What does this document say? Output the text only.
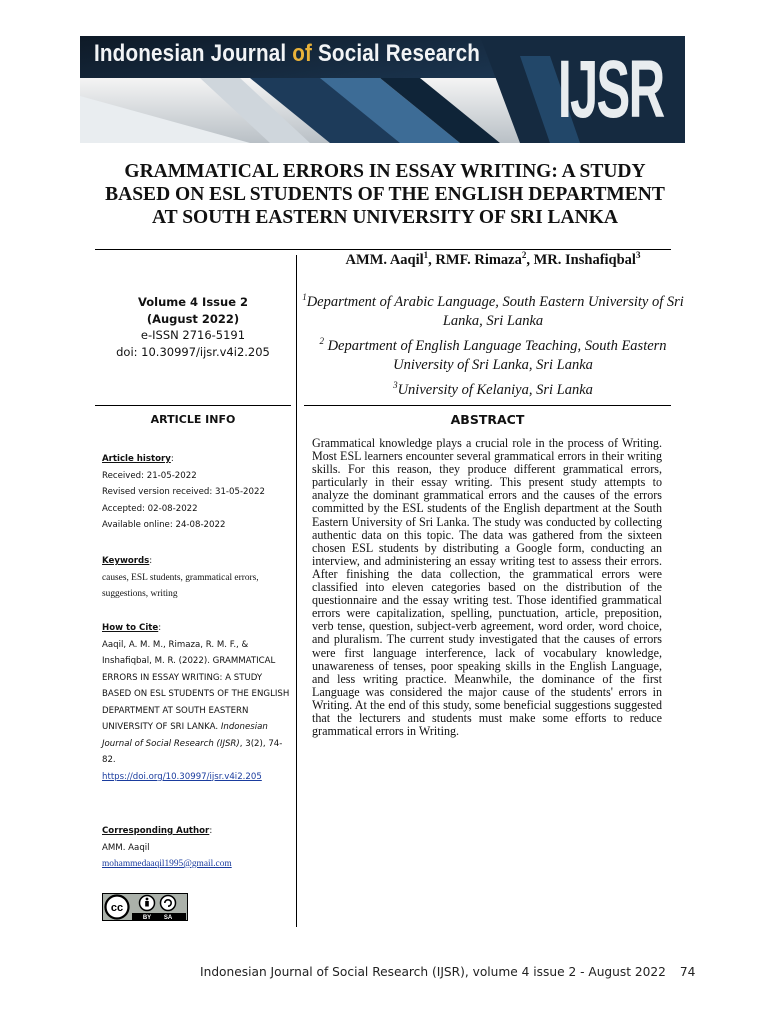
Indonesian Journal of Social Research IJSR
GRAMMATICAL ERRORS IN ESSAY WRITING: A STUDY BASED ON ESL STUDENTS OF THE ENGLISH DEPARTMENT AT SOUTH EASTERN UNIVERSITY OF SRI LANKA
AMM. Aaqil$^1$, RMF. Rimaza$^2$, MR. Inshafiqbal$^3$

$^1$Department of Arabic Language, South Eastern University of Sri Lanka, Sri Lanka

$^2$ Department of English Language Teaching, South Eastern University of Sri Lanka, Sri Lanka

$^3$University of Kelaniya, Sri Lanka

Volume 4 Issue 2
(August 2022)
e-ISSN 2716-5191
doi: 10.30997/ijsr.v4i2.205
ARTICLE INFO	ABSTRACT
Article history:
Received: 21-05-2022
Revised version received: 31-05-2022
Accepted: 02-08-2022
Available online: 24-08-2022
Keywords:
causes, ESL students, grammatical errors, suggestions, writing
How to Cite:
Aaqil, A. M. M., Rimaza, R. M. F., & Inshafiqbal, M. R. (2022). GRAMMATICAL ERRORS IN ESSAY WRITING: A STUDY BASED ON ESL STUDENTS OF THE ENGLISH DEPARTMENT AT SOUTH EASTERN UNIVERSITY OF SRI LANKA. Indonesian Journal of Social Research (IJSR), 3(2), 74-82.
https://doi.org/10.30997/ijsr.v4i2.205
Corresponding Author:
AMM. Aaqil
mohammedaaqil1995@gmail.com
cc
BY SA
Grammatical knowledge plays a crucial role in the process of Writing. Most ESL learners encounter several grammatical errors in their writing skills. For this reason, they produce different grammatical errors, particularly in their essay writing. This present study attempts to analyze the dominant grammatical errors and the causes of the errors committed by the ESL students of the English department at the South Eastern University of Sri Lanka. The study was conducted by collecting authentic data on this topic. The data was gathered from the sixteen chosen ESL students by distributing a Google form, conducting an interview, and administering an essay writing test to assess their errors. After finishing the data collection, the grammatical errors were classified into eleven categories based on the distribution of the questionnaire and the essay writing test. Those identified grammatical errors were capitalization, spelling, punctuation, article, preposition, verb tense, question, subject-verb agreement, word order, word choice, and pluralism. The current study investigated that the causes of errors were first language interference, lack of vocabulary knowledge, unawareness of tenses, poor speaking skills in the English Language, and less writing practice. Meanwhile, the dominance of the first Language was considered the major cause of the students' errors in Writing. At the end of this study, some beneficial suggestions suggested that the lecturers and students must make some efforts to reduce grammatical errors in Writing.
Indonesian Journal of Social Research (IJSR), volume 4 issue 2 - August 2022 74
